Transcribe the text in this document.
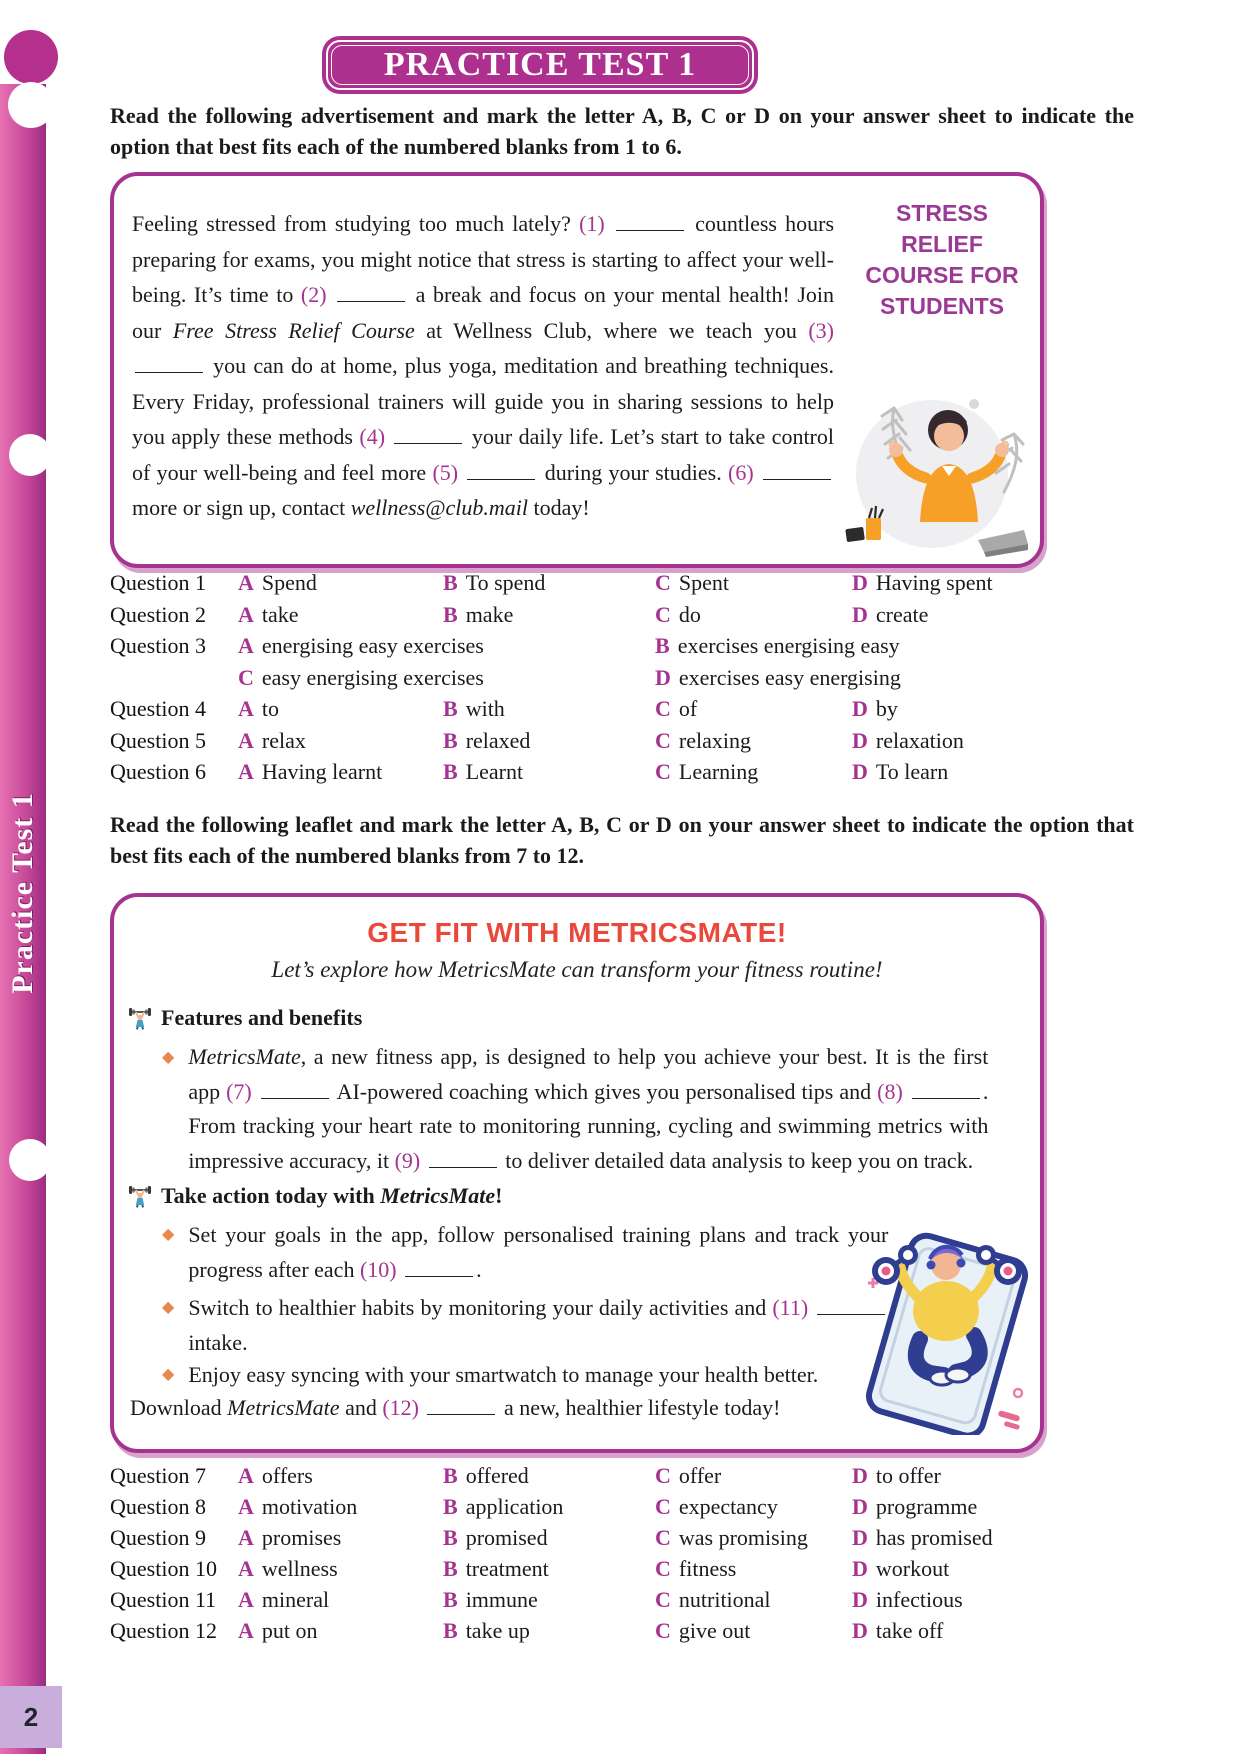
Practice Test 1
2
PRACTICE TEST 1
Read the following advertisement and mark the letter A, B, C or D on your answer sheet to indicate the option that best fits each of the numbered blanks from 1 to 6.
Feeling stressed from studying too much lately? (1)	countless hours preparing for exams, you might notice that stress is starting to affect your well-being. It’s time to (2)	a break and focus on your mental health! Join our Free Stress Relief Course at Wellness Club, where we teach you (3)  you can do at home, plus yoga, meditation and breathing techniques. Every Friday, professional trainers will guide you in sharing sessions to help you apply these methods (4)	your daily life. Let’s start to take control of your well-being and feel more (5)	during your studies. (6)  more or sign up, contact wellness@club.mail today!
STRESS RELIEF COURSE FOR STUDENTS
Question 1	A Spend	B To spend	C Spent	D Having spent
Question 2	A take	B make	C do	D create
Question 3	A energising easy exercises	B exercises energising easy
C easy energising exercises	D exercises easy energising
Question 4	A to	B with	C of	D by
Question 5	A relax	B relaxed	C relaxing	D relaxation
Question 6	A Having learnt	B Learnt	C Learning	D To learn
Read the following leaflet and mark the letter A, B, C or D on your answer sheet to indicate the option that best fits each of the numbered blanks from 7 to 12.
GET FIT WITH METRICSMATE!
Let’s explore how MetricsMate can transform your fitness routine!
Features and benefits
◆ MetricsMate, a new fitness app, is designed to help you achieve your best. It is the first app (7)	AI-powered coaching which gives you personalised tips and (8)	. From tracking your heart rate to monitoring running, cycling and swimming metrics with impressive accuracy, it (9)	to deliver detailed data analysis to keep you on track.
Take action today with MetricsMate!
◆ Set your goals in the app, follow personalised training plans and track your progress after each (10)	.
◆ Switch to healthier habits by monitoring your daily activities and (11)  intake.
◆ Enjoy easy syncing with your smartwatch to manage your health better.
Download MetricsMate and (12)	a new, healthier lifestyle today!
Question 7	A offers	B offered	C offer	D to offer
Question 8	A motivation	B application	C expectancy	D programme
Question 9	A promises	B promised	C was promising	D has promised
Question 10 A wellness	B treatment	C fitness	D workout
Question 11 A mineral	B immune	C nutritional	D infectious
Question 12 A put on	B take up	C give out	D take off
